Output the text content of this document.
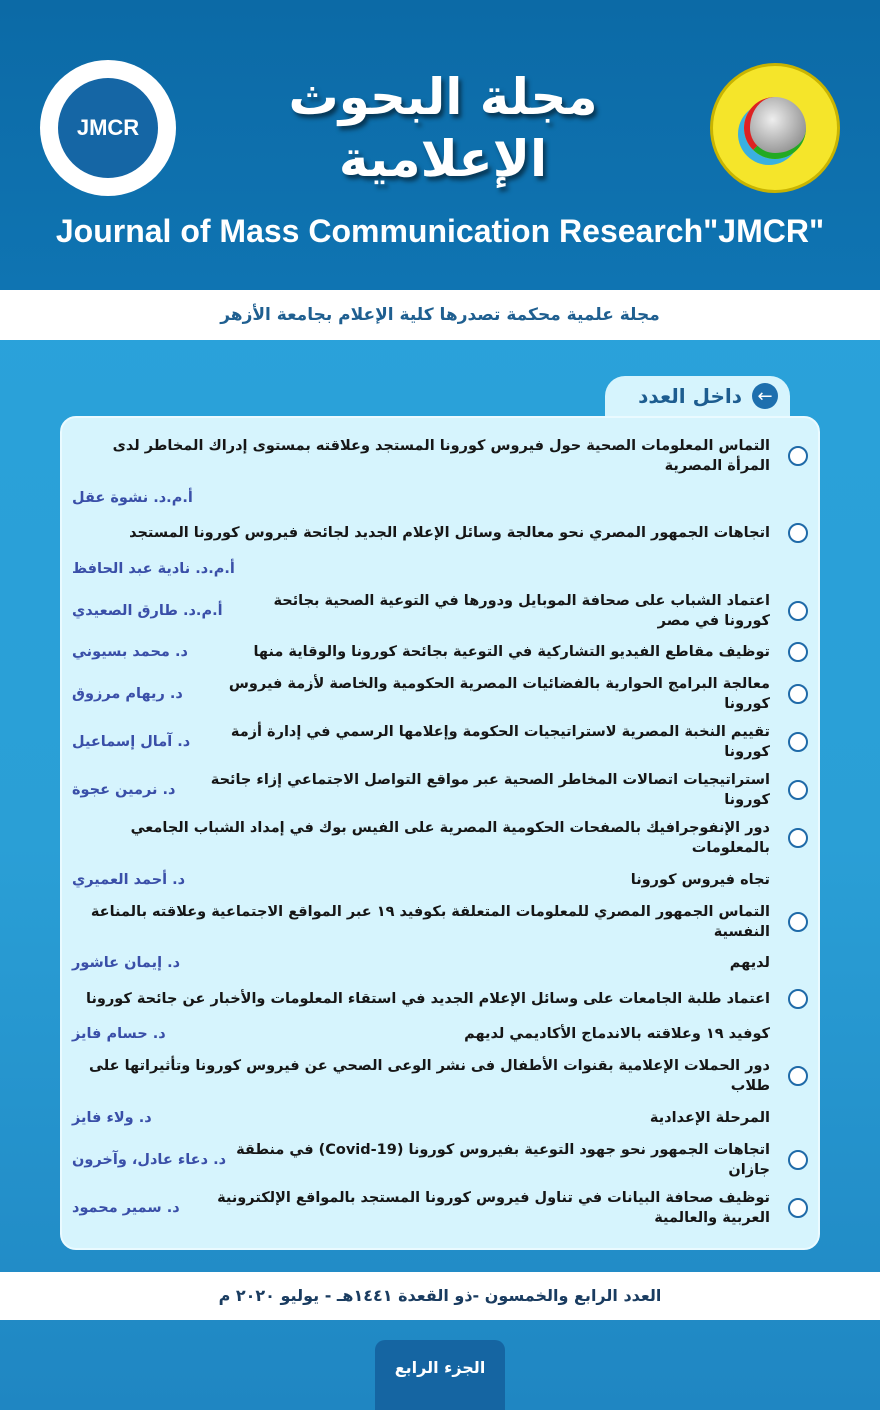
JMCR
مجلة البحوث الإعلامية
Journal of Mass Communication Research"JMCR"
مجلة علمية محكمة تصدرها كلية الإعلام بجامعة الأزهر
←
داخل العدد
التماس المعلومات الصحية حول فيروس كورونا المستجد وعلاقته بمستوى إدراك المخاطر لدى المرأة المصرية
أ.م.د. نشوة عقل
اتجاهات الجمهور المصري نحو معالجة وسائل الإعلام الجديد لجائحة فيروس كورونا المستجد
أ.م.د. نادية عبد الحافظ
اعتماد الشباب على صحافة الموبايل ودورها في التوعية الصحية بجائحة كورونا في مصر
أ.م.د. طارق الصعيدي
توظيف مقاطع الفيديو التشاركية في التوعية بجائحة كورونا والوقاية منها
د. محمد بسيوني
معالجة البرامج الحوارية بالفضائيات المصرية الحكومية والخاصة لأزمة فيروس كورونا
د. ريهام مرزوق
تقييم النخبة المصرية لاستراتيجيات الحكومة وإعلامها الرسمي في إدارة أزمة كورونا
د. آمال إسماعيل
استراتيجيات اتصالات المخاطر الصحية عبر مواقع التواصل الاجتماعي إزاء جائحة كورونا
د. نرمين عجوة
دور الإنفوجرافيك بالصفحات الحكومية المصرية على الفيس بوك في إمداد الشباب الجامعي بالمعلومات
تجاه فيروس كورونا
د. أحمد العميري
التماس الجمهور المصري للمعلومات المتعلقة بكوفيد ١٩ عبر المواقع الاجتماعية وعلاقته بالمناعة النفسية
لديهم
د. إيمان عاشور
اعتماد طلبة الجامعات على وسائل الإعلام الجديد في استقاء المعلومات والأخبار عن جائحة كورونا
كوفيد ١٩ وعلاقته بالاندماج الأكاديمي لديهم
د. حسام فايز
دور الحملات الإعلامية بقنوات الأطفال فى نشر الوعى الصحي عن فيروس كورونا وتأثيراتها على طلاب
المرحلة الإعدادية
د. ولاء فايز
اتجاهات الجمهور نحو جهود التوعية بفيروس كورونا (Covid-19) في منطقة جازان
د. دعاء عادل، وآخرون
توظيف صحافة البيانات في تناول فيروس كورونا المستجد بالمواقع الإلكترونية العربية والعالمية
د. سمير محمود
العدد الرابع والخمسون -ذو القعدة ١٤٤١هـ - يوليو ٢٠٢٠ م
الجزء الرابع
